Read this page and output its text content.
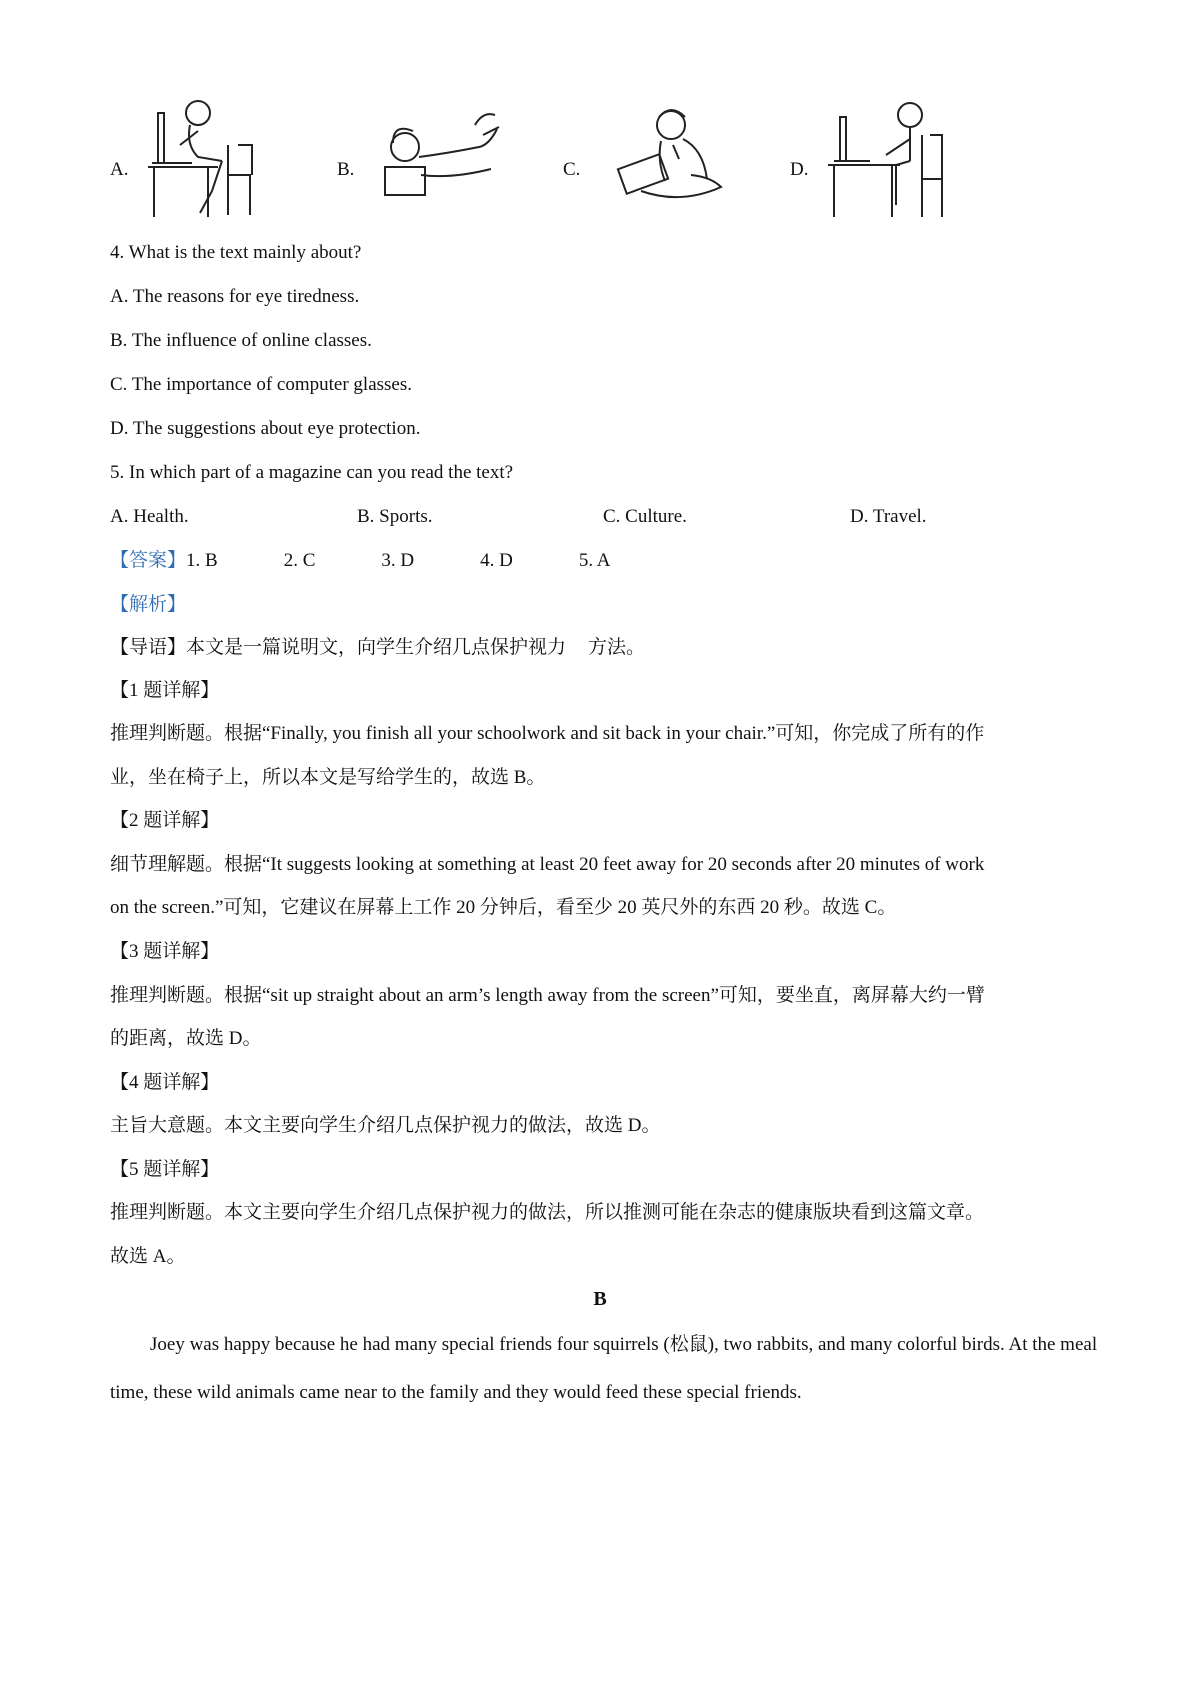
A.	B.	C.	D.
4. What is the text mainly about?
A. The reasons for eye tiredness.
B. The influence of online classes.
C. The importance of computer glasses.
D. The suggestions about eye protection.
5. In which part of a magazine can you read the text?
A. Health.	B. Sports.	C. Culture.	D. Travel.
【答案】1. B	2. C	3. D	4. D	5. A
【解析】
【导语】本文是一篇说明文，向学生介绍几点保护视力 方法。
【1 题详解】
推理判断题。根据“Finally, you finish all your schoolwork and sit back in your chair.”可知，你完成了所有的作
业，坐在椅子上，所以本文是写给学生的，故选 B。
【2 题详解】
细节理解题。根据“It suggests looking at something at least 20 feet away for 20 seconds after 20 minutes of work
on the screen.”可知，它建议在屏幕上工作 20 分钟后，看至少 20 英尺外的东西 20 秒。故选 C。
【3 题详解】
推理判断题。根据“sit up straight about an arm’s length away from the screen”可知，要坐直，离屏幕大约一臂
的距离，故选 D。
【4 题详解】
主旨大意题。本文主要向学生介绍几点保护视力的做法，故选 D。
【5 题详解】
推理判断题。本文主要向学生介绍几点保护视力的做法，所以推测可能在杂志的健康版块看到这篇文章。
故选 A。
B
Joey was happy because he had many special friends four squirrels (松鼠), two rabbits, and many colorful birds. At the meal time, these wild animals came near to the family and they would feed these special friends.
